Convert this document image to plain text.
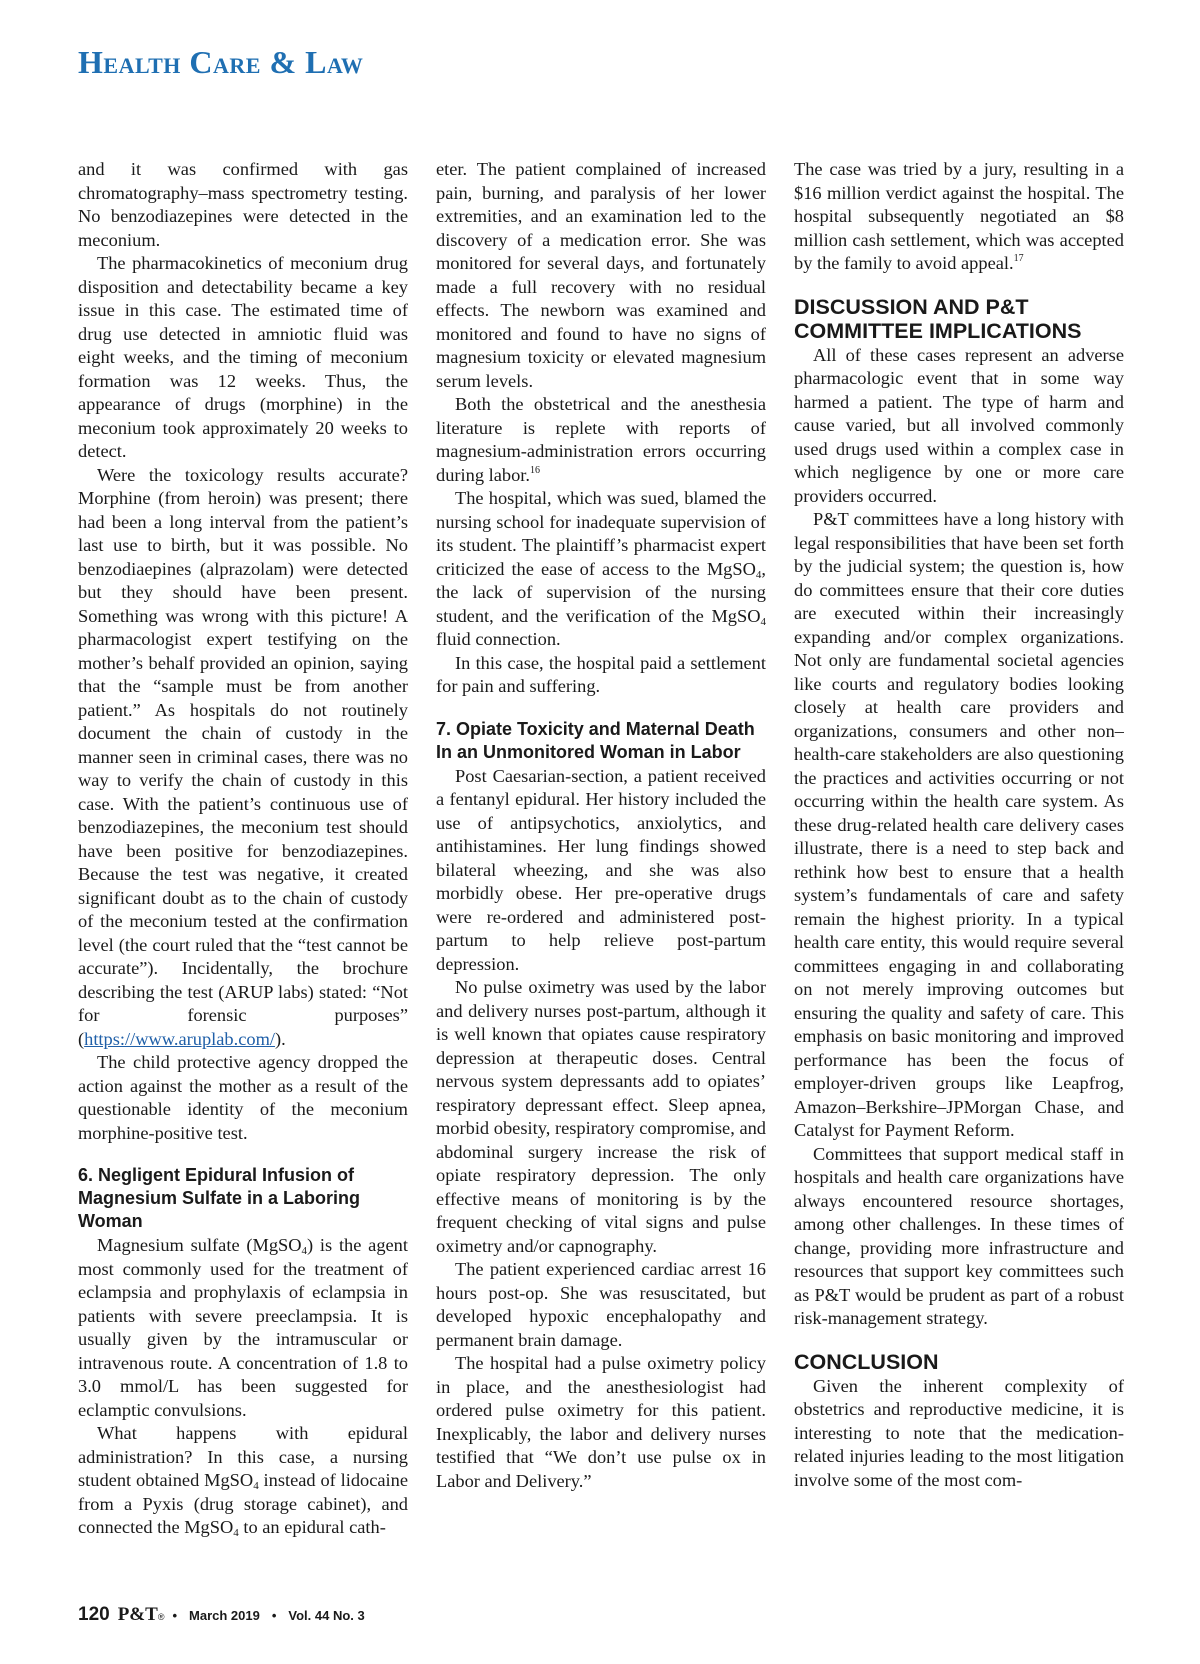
Health Care & Law

and it was confirmed with gas chromatography–mass spectrometry testing. No benzodiazepines were detected in the meconium.

The pharmacokinetics of meconium drug disposition and detectability became a key issue in this case. The estimated time of drug use detected in amniotic fluid was eight weeks, and the timing of meconium formation was 12 weeks. Thus, the appearance of drugs (morphine) in the meconium took approximately 20 weeks to detect.

Were the toxicology results accurate? Morphine (from heroin) was present; there had been a long interval from the patient’s last use to birth, but it was possible. No benzodiaepines (alprazolam) were detected but they should have been present. Something was wrong with this picture! A pharmacologist expert testifying on the mother’s behalf provided an opinion, saying that the “sample must be from another patient.” As hospitals do not routinely document the chain of custody in the manner seen in criminal cases, there was no way to verify the chain of custody in this case. With the patient’s continuous use of benzodiazepines, the meconium test should have been positive for benzodiazepines. Because the test was negative, it created significant doubt as to the chain of custody of the meconium tested at the confirmation level (the court ruled that the “test cannot be accurate”). Incidentally, the brochure describing the test (ARUP labs) stated: “Not for forensic purposes” (https://www.aruplab.com/).

The child protective agency dropped the action against the mother as a result of the questionable identity of the meconium morphine-positive test.

6. Negligent Epidural Infusion of Magnesium Sulfate in a Laboring Woman

Magnesium sulfate (MgSO$_4$) is the agent most commonly used for the treatment of eclampsia and prophylaxis of eclampsia in patients with severe preeclampsia. It is usually given by the intramuscular or intravenous route. A concentration of 1.8 to 3.0 mmol/L has been suggested for eclamptic convulsions.

What happens with epidural administration? In this case, a nursing student obtained MgSO$_4$ instead of lidocaine from a Pyxis (drug storage cabinet), and connected the MgSO$_4$ to an epidural cath-

eter. The patient complained of increased pain, burning, and paralysis of her lower extremities, and an examination led to the discovery of a medication error. She was monitored for several days, and fortunately made a full recovery with no residual effects. The newborn was examined and monitored and found to have no signs of magnesium toxicity or elevated magnesium serum levels.

Both the obstetrical and the anesthesia literature is replete with reports of magnesium-administration errors occurring during labor.$^{16}$

The hospital, which was sued, blamed the nursing school for inadequate supervision of its student. The plaintiff’s pharmacist expert criticized the ease of access to the MgSO$_4$, the lack of supervision of the nursing student, and the verification of the MgSO$_4$ fluid connection.

In this case, the hospital paid a settlement for pain and suffering.

7. Opiate Toxicity and Maternal Death In an Unmonitored Woman in Labor

Post Caesarian-section, a patient received a fentanyl epidural. Her history included the use of antipsychotics, anxiolytics, and antihistamines. Her lung findings showed bilateral wheezing, and she was also morbidly obese. Her pre-operative drugs were re-ordered and administered post-partum to help relieve post-partum depression.

No pulse oximetry was used by the labor and delivery nurses post-partum, although it is well known that opiates cause respiratory depression at therapeutic doses. Central nervous system depressants add to opiates’ respiratory depressant effect. Sleep apnea, morbid obesity, respiratory compromise, and abdominal surgery increase the risk of opiate respiratory depression. The only effective means of monitoring is by the frequent checking of vital signs and pulse oximetry and/or capnography.

The patient experienced cardiac arrest 16 hours post-op. She was resuscitated, but developed hypoxic encephalopathy and permanent brain damage.

The hospital had a pulse oximetry policy in place, and the anesthesiologist had ordered pulse oximetry for this patient. Inexplicably, the labor and delivery nurses testified that “We don’t use pulse ox in Labor and Delivery.”

The case was tried by a jury, resulting in a $16 million verdict against the hospital. The hospital subsequently negotiated an $8 million cash settlement, which was accepted by the family to avoid appeal.$^{17}$

DISCUSSION AND P&T COMMITTEE IMPLICATIONS

All of these cases represent an adverse pharmacologic event that in some way harmed a patient. The type of harm and cause varied, but all involved commonly used drugs used within a complex case in which negligence by one or more care providers occurred.

P&T committees have a long history with legal responsibilities that have been set forth by the judicial system; the question is, how do committees ensure that their core duties are executed within their increasingly expanding and/or complex organizations. Not only are fundamental societal agencies like courts and regulatory bodies looking closely at health care providers and organizations, consumers and other non–health-care stakeholders are also questioning the practices and activities occurring or not occurring within the health care system. As these drug-related health care delivery cases illustrate, there is a need to step back and rethink how best to ensure that a health system’s fundamentals of care and safety remain the highest priority. In a typical health care entity, this would require several committees engaging in and collaborating on not merely improving outcomes but ensuring the quality and safety of care. This emphasis on basic monitoring and improved performance has been the focus of employer-driven groups like Leapfrog, Amazon–Berkshire–JPMorgan Chase, and Catalyst for Payment Reform.

Committees that support medical staff in hospitals and health care organizations have always encountered resource shortages, among other challenges. In these times of change, providing more infrastructure and resources that support key committees such as P&T would be prudent as part of a robust risk-management strategy.

CONCLUSION

Given the inherent complexity of obstetrics and reproductive medicine, it is interesting to note that the medication-related injuries leading to the most litigation involve some of the most com-

120 P&T® • March 2019 • Vol. 44 No. 3
